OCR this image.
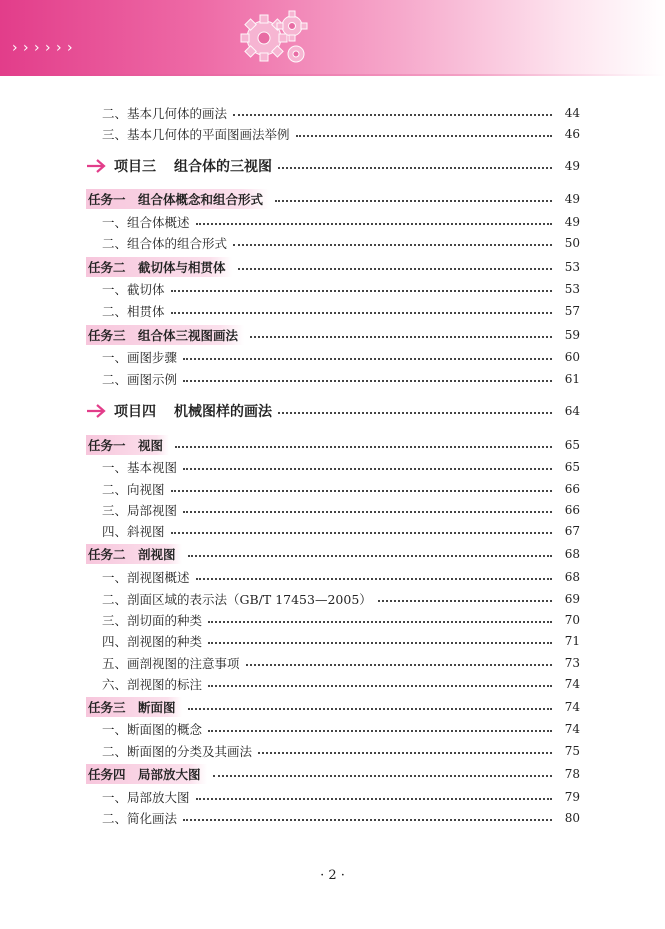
› › › › › ›
二、基本几何体的画法	44
三、基本几何体的平面图画法举例	46
项目三 组合体的三视图	49
任务一　组合体概念和组合形式	49
一、组合体概述	49
二、组合体的组合形式	50
任务二　截切体与相贯体	53
一、截切体	53
二、相贯体	57
任务三　组合体三视图画法	59
一、画图步骤	60
二、画图示例	61
项目四 机械图样的画法	64
任务一　视图	65
一、基本视图	65
二、向视图	66
三、局部视图	66
四、斜视图	67
任务二　剖视图	68
一、剖视图概述	68
二、剖面区域的表示法（GB/T 17453—2005）	69
三、剖切面的种类	70
四、剖视图的种类	71
五、画剖视图的注意事项	73
六、剖视图的标注	74
任务三　断面图	74
一、断面图的概念	74
二、断面图的分类及其画法	75
任务四　局部放大图	78
一、局部放大图	79
二、简化画法	80
· 2 ·
